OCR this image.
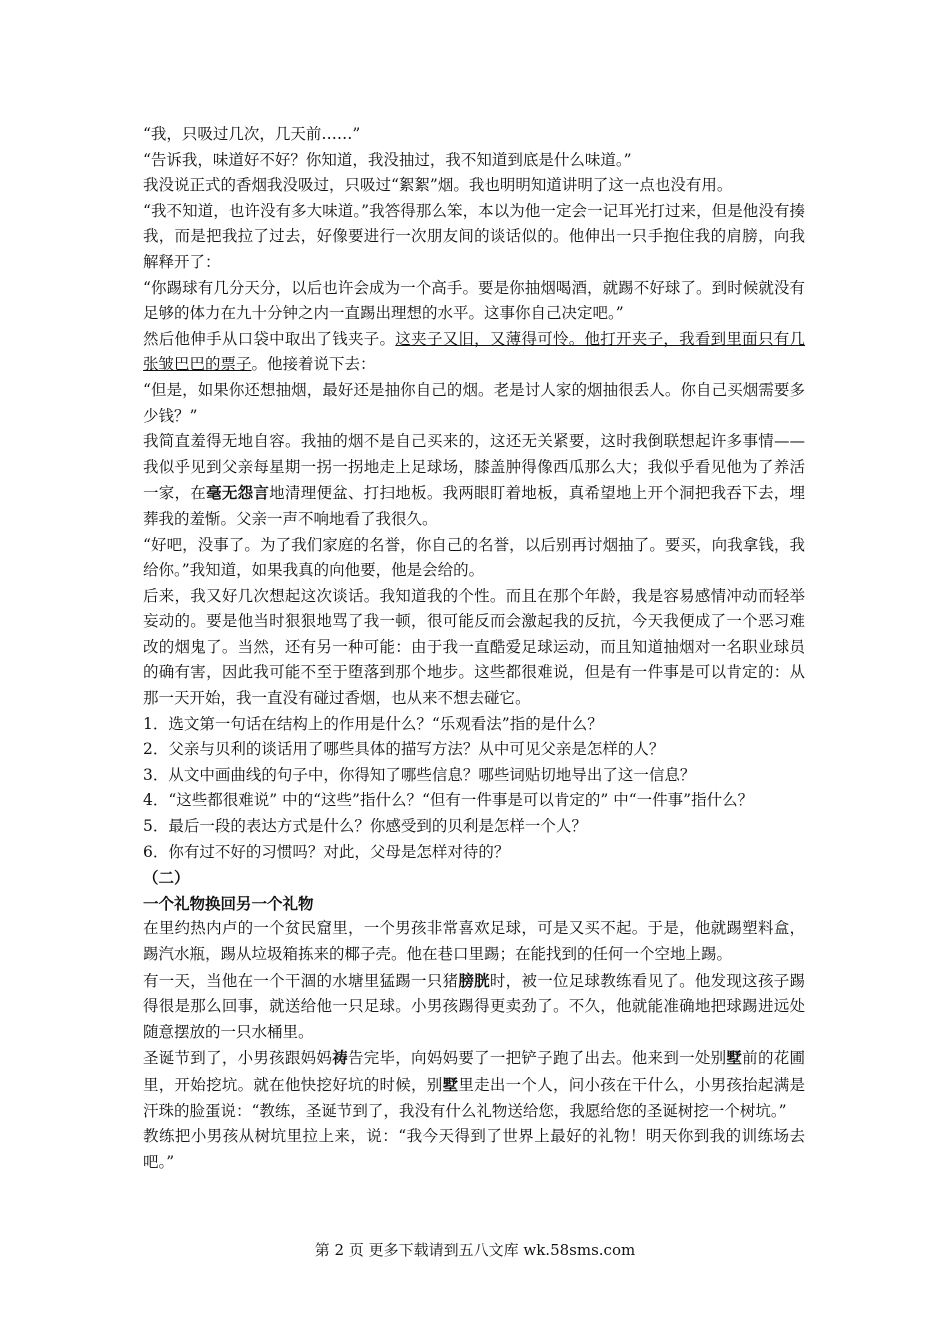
“我，只吸过几次，几天前……”

“告诉我，味道好不好？你知道，我没抽过，我不知道到底是什么味道。”

我没说正式的香烟我没吸过，只吸过“絮絮”烟。我也明明知道讲明了这一点也没有用。

“我不知道，也许没有多大味道。”我答得那么笨，本以为他一定会一记耳光打过来，但是他没有揍我，而是把我拉了过去，好像要进行一次朋友间的谈话似的。他伸出一只手抱住我的肩膀，向我解释开了：

“你踢球有几分天分，以后也许会成为一个高手。要是你抽烟喝酒，就踢不好球了。到时候就没有足够的体力在九十分钟之内一直踢出理想的水平。这事你自己决定吧。”

然后他伸手从口袋中取出了钱夹子。这夹子又旧，又薄得可怜。他打开夹子，我看到里面只有几张皱巴巴的票子。他接着说下去：

“但是，如果你还想抽烟，最好还是抽你自己的烟。老是讨人家的烟抽很丢人。你自己买烟需要多少钱？”

我简直羞得无地自容。我抽的烟不是自己买来的，这还无关紧要，这时我倒联想起许多事情——我似乎见到父亲每星期一拐一拐地走上足球场，膝盖肿得像西瓜那么大；我似乎看见他为了养活一家，在毫无怨言地清理便盆、打扫地板。我两眼盯着地板，真希望地上开个洞把我吞下去，埋葬我的羞惭。父亲一声不响地看了我很久。

“好吧，没事了。为了我们家庭的名誉，你自己的名誉，以后别再讨烟抽了。要买，向我拿钱，我给你。”我知道，如果我真的向他要，他是会给的。

后来，我又好几次想起这次谈话。我知道我的个性。而且在那个年龄，我是容易感情冲动而轻举妄动的。要是他当时狠狠地骂了我一顿，很可能反而会激起我的反抗，今天我便成了一个恶习难改的烟鬼了。当然，还有另一种可能：由于我一直酷爱足球运动，而且知道抽烟对一名职业球员的确有害，因此我可能不至于堕落到那个地步。这些都很难说，但是有一件事是可以肯定的：从那一天开始，我一直没有碰过香烟，也从来不想去碰它。

1．选文第一句话在结构上的作用是什么？“乐观看法”指的是什么？

2．父亲与贝利的谈话用了哪些具体的描写方法？从中可见父亲是怎样的人？

3．从文中画曲线的句子中，你得知了哪些信息？哪些词贴切地导出了这一信息？

4．“这些都很难说” 中的“这些”指什么？“但有一件事是可以肯定的” 中“一件事”指什么？

5．最后一段的表达方式是什么？你感受到的贝利是怎样一个人？

6．你有过不好的习惯吗？对此，父母是怎样对待的？

（二）

一个礼物换回另一个礼物

在里约热内卢的一个贫民窟里，一个男孩非常喜欢足球，可是又买不起。于是，他就踢塑料盒，踢汽水瓶，踢从垃圾箱拣来的椰子壳。他在巷口里踢；在能找到的任何一个空地上踢。

有一天，当他在一个干涸的水塘里猛踢一只猪膀胱时，被一位足球教练看见了。他发现这孩子踢得很是那么回事，就送给他一只足球。小男孩踢得更卖劲了。不久，他就能准确地把球踢进远处随意摆放的一只水桶里。

圣诞节到了，小男孩跟妈妈祷告完毕，向妈妈要了一把铲子跑了出去。他来到一处别墅前的花圃里，开始挖坑。就在他快挖好坑的时候，别墅里走出一个人，问小孩在干什么，小男孩抬起满是汗珠的脸蛋说：“教练，圣诞节到了，我没有什么礼物送给您，我愿给您的圣诞树挖一个树坑。”

教练把小男孩从树坑里拉上来，说：“我今天得到了世界上最好的礼物！明天你到我的训练场去吧。”

第 2 页 更多下载请到五八文库 wk.58sms.com
